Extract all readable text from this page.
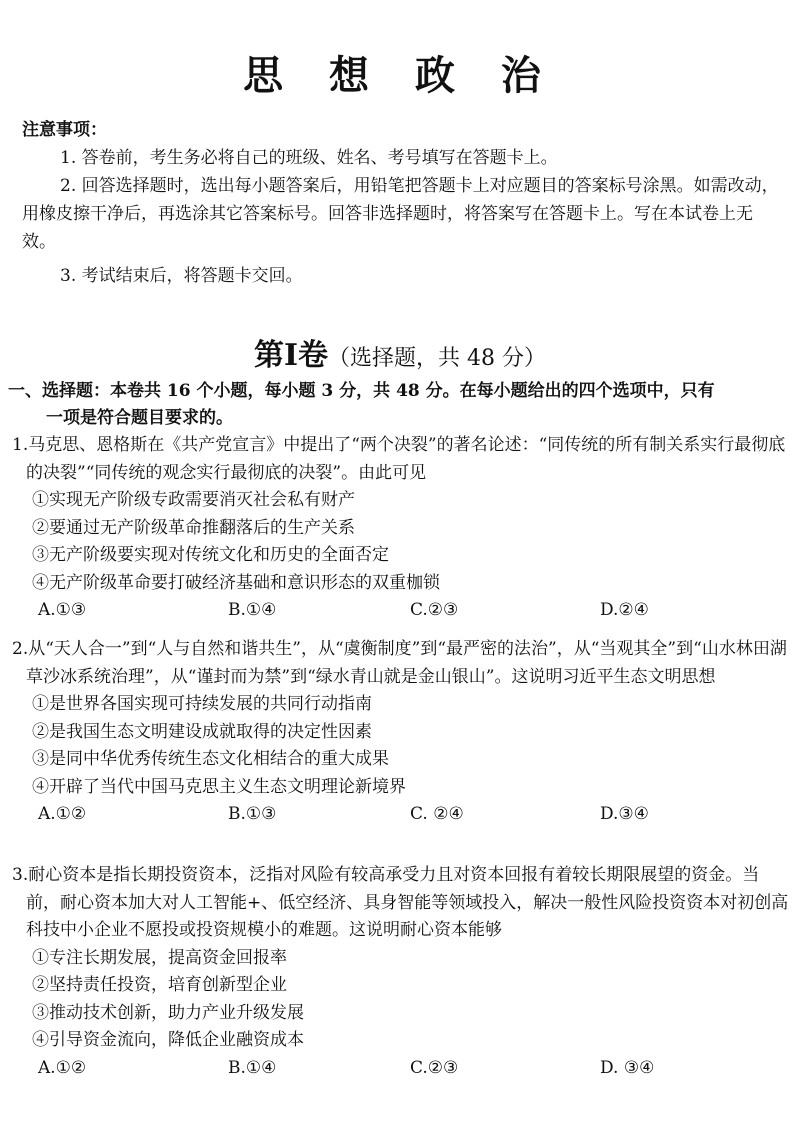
思 想 政 治

注意事项：

1. 答卷前，考生务必将自己的班级、姓名、考号填写在答题卡上。

2. 回答选择题时，选出每小题答案后，用铅笔把答题卡上对应题目的答案标号涂黑。如需改动，用橡皮擦干净后，再选涂其它答案标号。回答非选择题时，将答案写在答题卡上。写在本试卷上无效。

3. 考试结束后，将答题卡交回。

第Ⅰ卷（选择题，共 48 分）
一、选择题：本卷共 16 个小题，每小题 3 分，共 48 分。在每小题给出的四个选项中，只有
一项是符合题目要求的。

1.马克思、恩格斯在《共产党宣言》中提出了“两个决裂”的著名论述：“同传统的所有制关系实行最彻底的决裂”“同传统的观念实行最彻底的决裂”。由此可见

①实现无产阶级专政需要消灭社会私有财产

②要通过无产阶级革命推翻落后的生产关系

③无产阶级要实现对传统文化和历史的全面否定

④无产阶级革命要打破经济基础和意识形态的双重枷锁

A.①③	B.①④	C.②③	D.②④

2.从“天人合一”到“人与自然和谐共生”，从“虞衡制度”到“最严密的法治”，从“当观其全”到“山水林田湖草沙冰系统治理”，从“谨封而为禁”到“绿水青山就是金山银山”。这说明习近平生态文明思想

①是世界各国实现可持续发展的共同行动指南

②是我国生态文明建设成就取得的决定性因素

③是同中华优秀传统生态文化相结合的重大成果

④开辟了当代中国马克思主义生态文明理论新境界

A.①②	B.①③	C. ②④	D.③④

3.耐心资本是指长期投资资本，泛指对风险有较高承受力且对资本回报有着较长期限展望的资金。当前，耐心资本加大对人工智能+、低空经济、具身智能等领域投入，解决一般性风险投资资本对初创高科技中小企业不愿投或投资规模小的难题。这说明耐心资本能够

①专注长期发展，提高资金回报率

②坚持责任投资，培育创新型企业

③推动技术创新，助力产业升级发展

④引导资金流向，降低企业融资成本

A.①②	B.①④	C.②③	D. ③④
